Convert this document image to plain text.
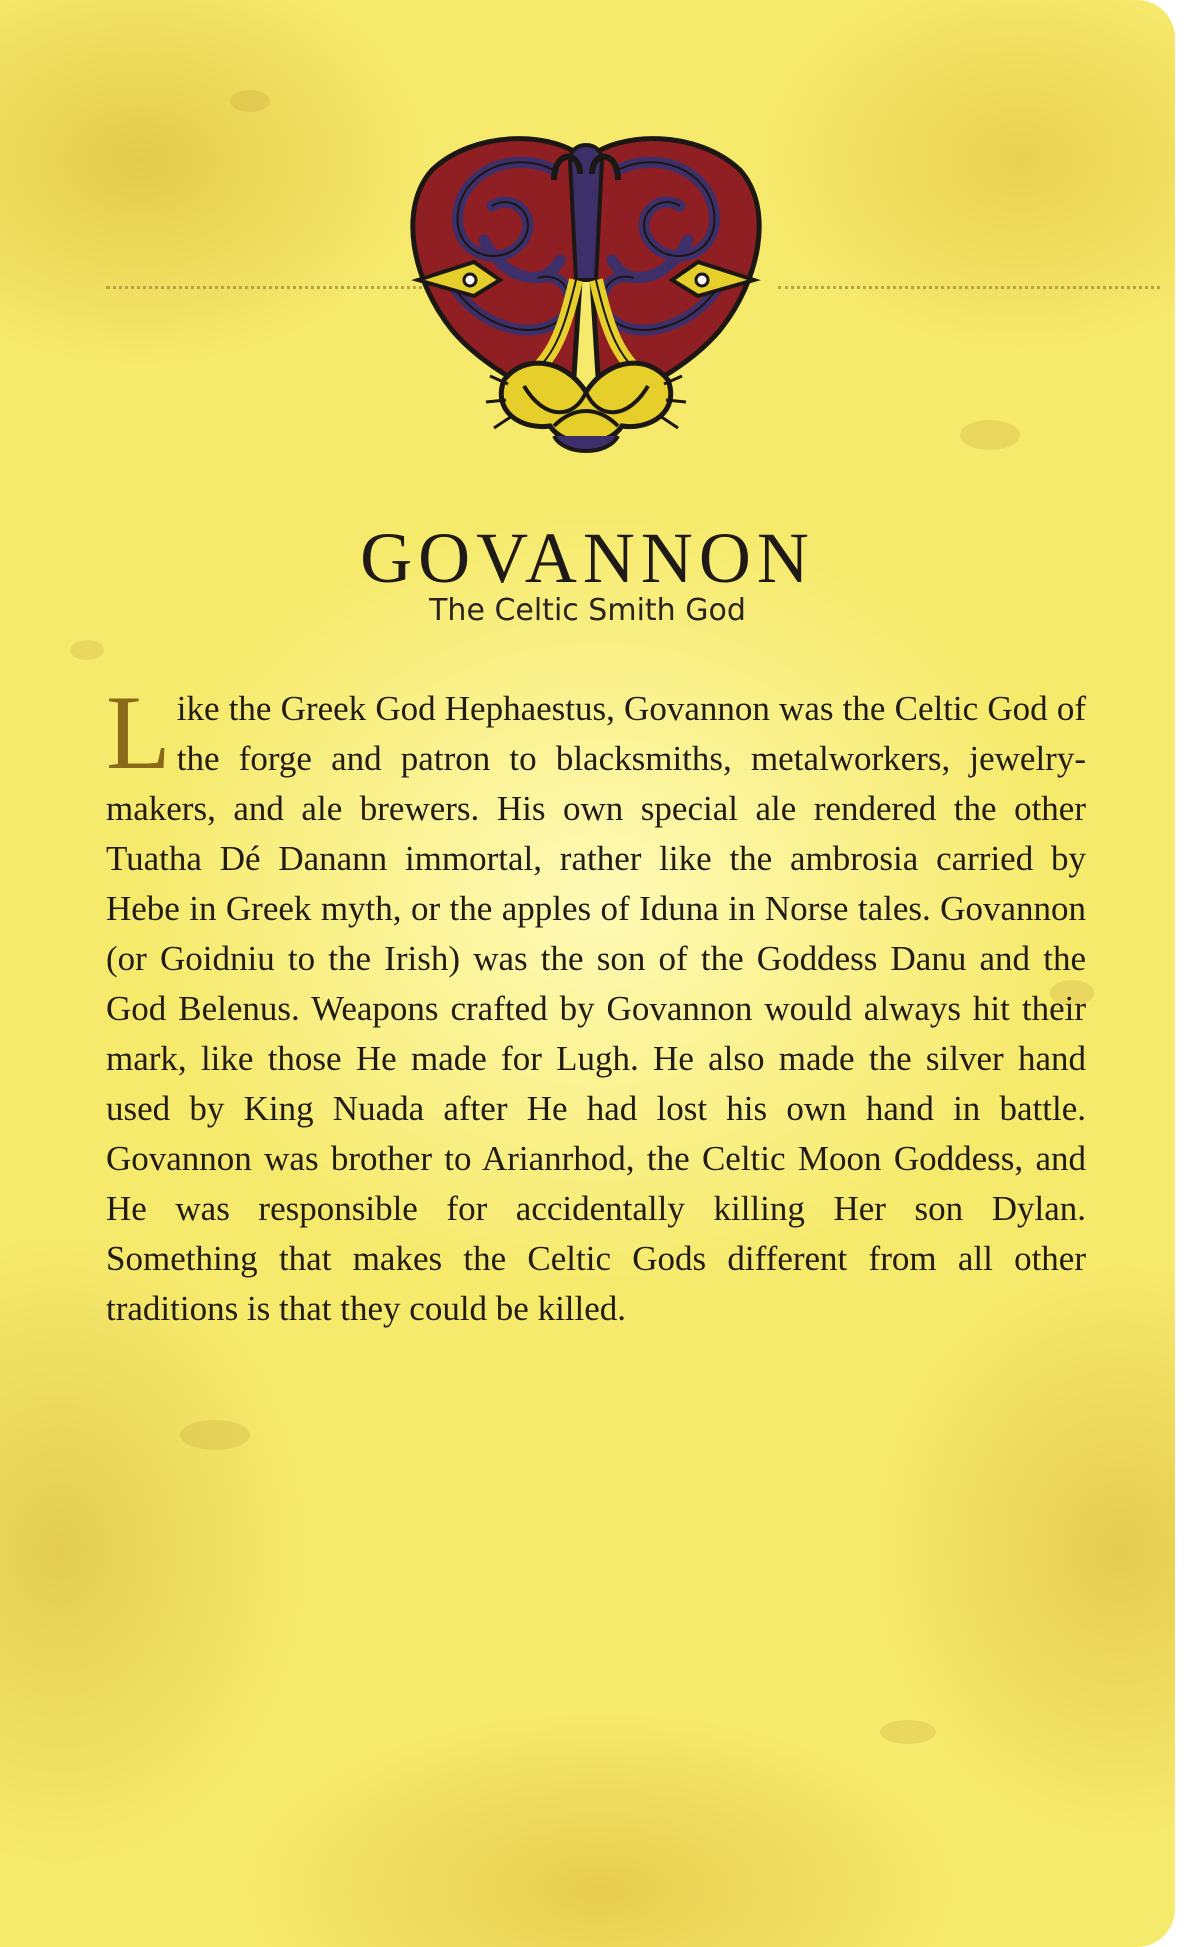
GOVANNON
The Celtic Smith God
Like the Greek God Hephaestus, Govannon was the Celtic God of the forge and patron to blacksmiths, metalworkers, jewelry-makers, and ale brewers. His own special ale rendered the other Tuatha Dé Danann immortal, rather like the ambrosia carried by Hebe in Greek myth, or the apples of Iduna in Norse tales. Govannon (or Goidniu to the Irish) was the son of the Goddess Danu and the God Belenus. Weapons crafted by Govannon would always hit their mark, like those He made for Lugh. He also made the silver hand used by King Nuada after He had lost his own hand in battle. Govannon was brother to Arianrhod, the Celtic Moon Goddess, and He was responsible for accidentally killing Her son Dylan. Something that makes the Celtic Gods different from all other traditions is that they could be killed.
